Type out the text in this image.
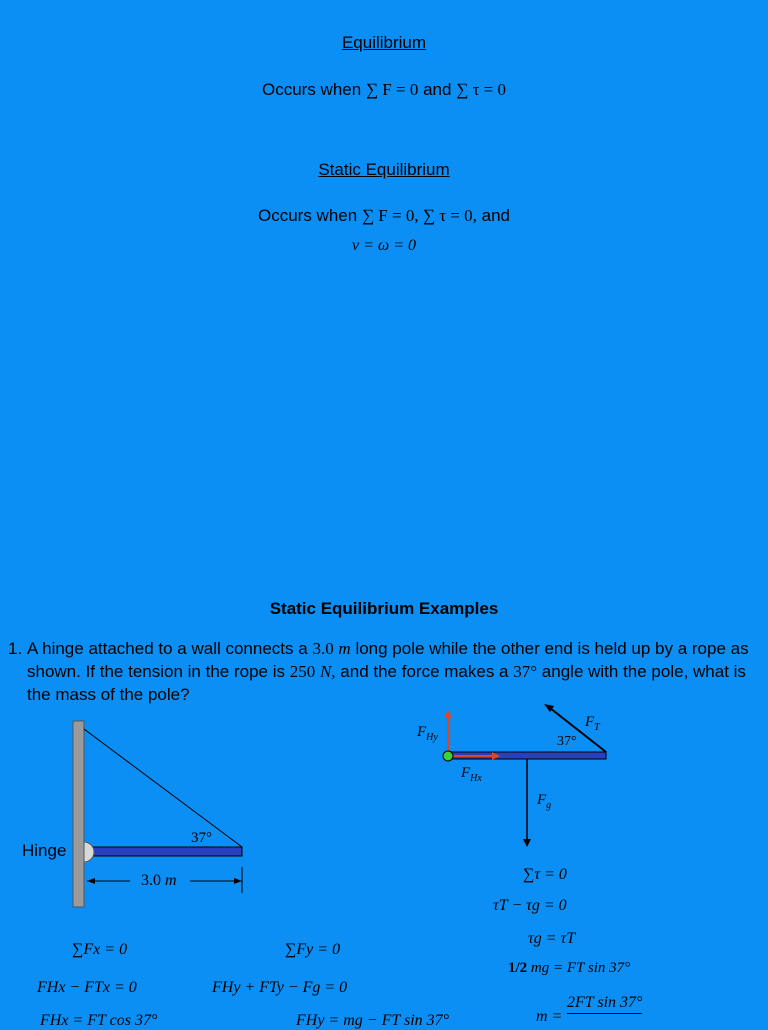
Equilibrium
Occurs when ∑ F = 0 and ∑ τ = 0
Static Equilibrium
Occurs when ∑ F = 0, ∑ τ = 0, and
v = ω = 0
Static Equilibrium Examples
1. A hinge attached to a wall connects a 3.0 m long pole while the other end is held up by a rope as shown. If the tension in the rope is 250 N, and the force makes a 37° angle with the pole, what is the mass of the pole?
Hinge
37°
3.0 m
$F_{Hy}$
$F_{Hx}$
$F_T$
$F_g$
37°
∑τ = 0
τT − τg = 0
τg = τT
1/2 mg = FT sin 37°
m =
2FT sin 37°
∑Fx = 0
FHx − FTx = 0
FHx = FT cos 37°
∑Fy = 0
FHy + FTy − Fg = 0
FHy = mg − FT sin 37°
